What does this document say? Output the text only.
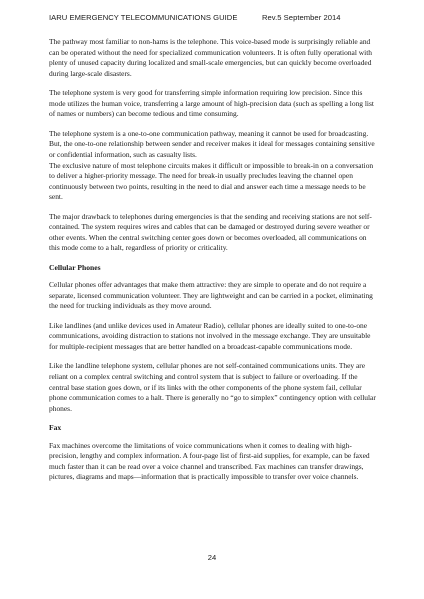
IARU EMERGENCY TELECOMMUNICATIONS GUIDE	Rev.5 September 2014

The pathway most familiar to non-hams is the telephone. This voice-based mode is surprisingly reliable and can be operated without the need for specialized communication volunteers. It is often fully operational with plenty of unused capacity during localized and small-scale emergencies, but can quickly become overloaded during large-scale disasters.

The telephone system is very good for transferring simple information requiring low precision. Since this mode utilizes the human voice, transferring a large amount of high-precision data (such as spelling a long list of names or numbers) can become tedious and time consuming.

The telephone system is a one-to-one communication pathway, meaning it cannot be used for broadcasting. But, the one-to-one relationship between sender and receiver makes it ideal for messages containing sensitive or confidential information, such as casualty lists.

The exclusive nature of most telephone circuits makes it difficult or impossible to break-in on a conversation to deliver a higher-priority message. The need for break-in usually precludes leaving the channel open continuously between two points, resulting in the need to dial and answer each time a message needs to be sent.

The major drawback to telephones during emergencies is that the sending and receiving stations are not self-contained. The system requires wires and cables that can be damaged or destroyed during severe weather or other events. When the central switching center goes down or becomes overloaded, all communications on this mode come to a halt, regardless of priority or criticality.

Cellular Phones

Cellular phones offer advantages that make them attractive: they are simple to operate and do not require a separate, licensed communication volunteer. They are lightweight and can be carried in a pocket, eliminating the need for trucking individuals as they move around.

Like landlines (and unlike devices used in Amateur Radio), cellular phones are ideally suited to one-to-one communications, avoiding distraction to stations not involved in the message exchange. They are unsuitable for multiple-recipient messages that are better handled on a broadcast-capable communications mode.

Like the landline telephone system, cellular phones are not self-contained communications units. They are reliant on a complex central switching and control system that is subject to failure or overloading. If the central base station goes down, or if its links with the other components of the phone system fail, cellular phone communication comes to a halt. There is generally no “go to simplex” contingency option with cellular phones.

Fax

Fax machines overcome the limitations of voice communications when it comes to dealing with high-precision, lengthy and complex information. A four-page list of first-aid supplies, for example, can be faxed much faster than it can be read over a voice channel and transcribed. Fax machines can transfer drawings, pictures, diagrams and maps—information that is practically impossible to transfer over voice channels.

24
